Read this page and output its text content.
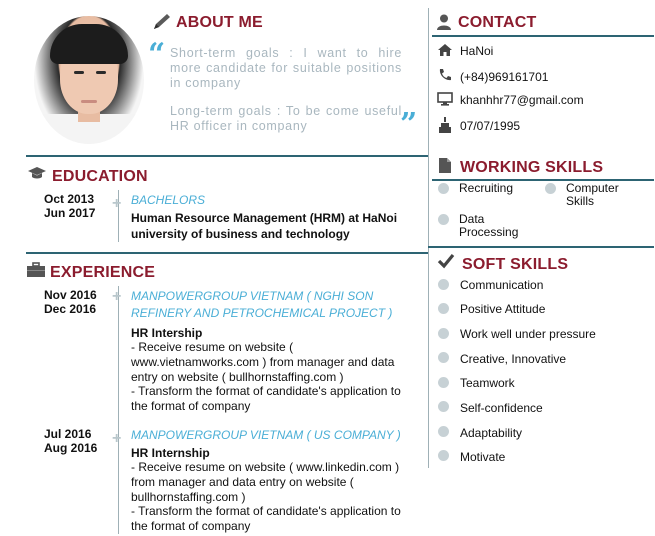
ABOUT ME
“ Short-term goals : I want to hire more candidate for suitable positions in company
Long-term goals : To be come useful HR officer in company	”
CONTACT
HaNoi
(+84)969161701
khanhhr77@gmail.com
07/07/1995
WORKING SKILLS
Recruiting	Computer Skills
Data Processing
SOFT SKILLS
Communication
Positive Attitude
Work well under pressure
Creative, Innovative
Teamwork
Self-confidence
Adaptability
Motivate
EDUCATION
+
Oct 2013
Jun 2017
BACHELORS
Human Resource Management (HRM) at HaNoi university of business and technology
EXPERIENCE
+
Nov 2016
Dec 2016
MANPOWERGROUP VIETNAM ( NGHI SON REFINERY AND PETROCHEMICAL PROJECT )
HR Intership
- Receive resume on website ( www.vietnamworks.com ) from manager and data entry on website ( bullhornstaffing.com )
- Transform the format of candidate's application to the format of company
+
Jul 2016
Aug 2016
MANPOWERGROUP VIETNAM ( US COMPANY )
HR Internship
- Receive resume on website ( www.linkedin.com ) from manager and data entry on website ( bullhornstaffing.com )
- Transform the format of candidate's application to the format of company
